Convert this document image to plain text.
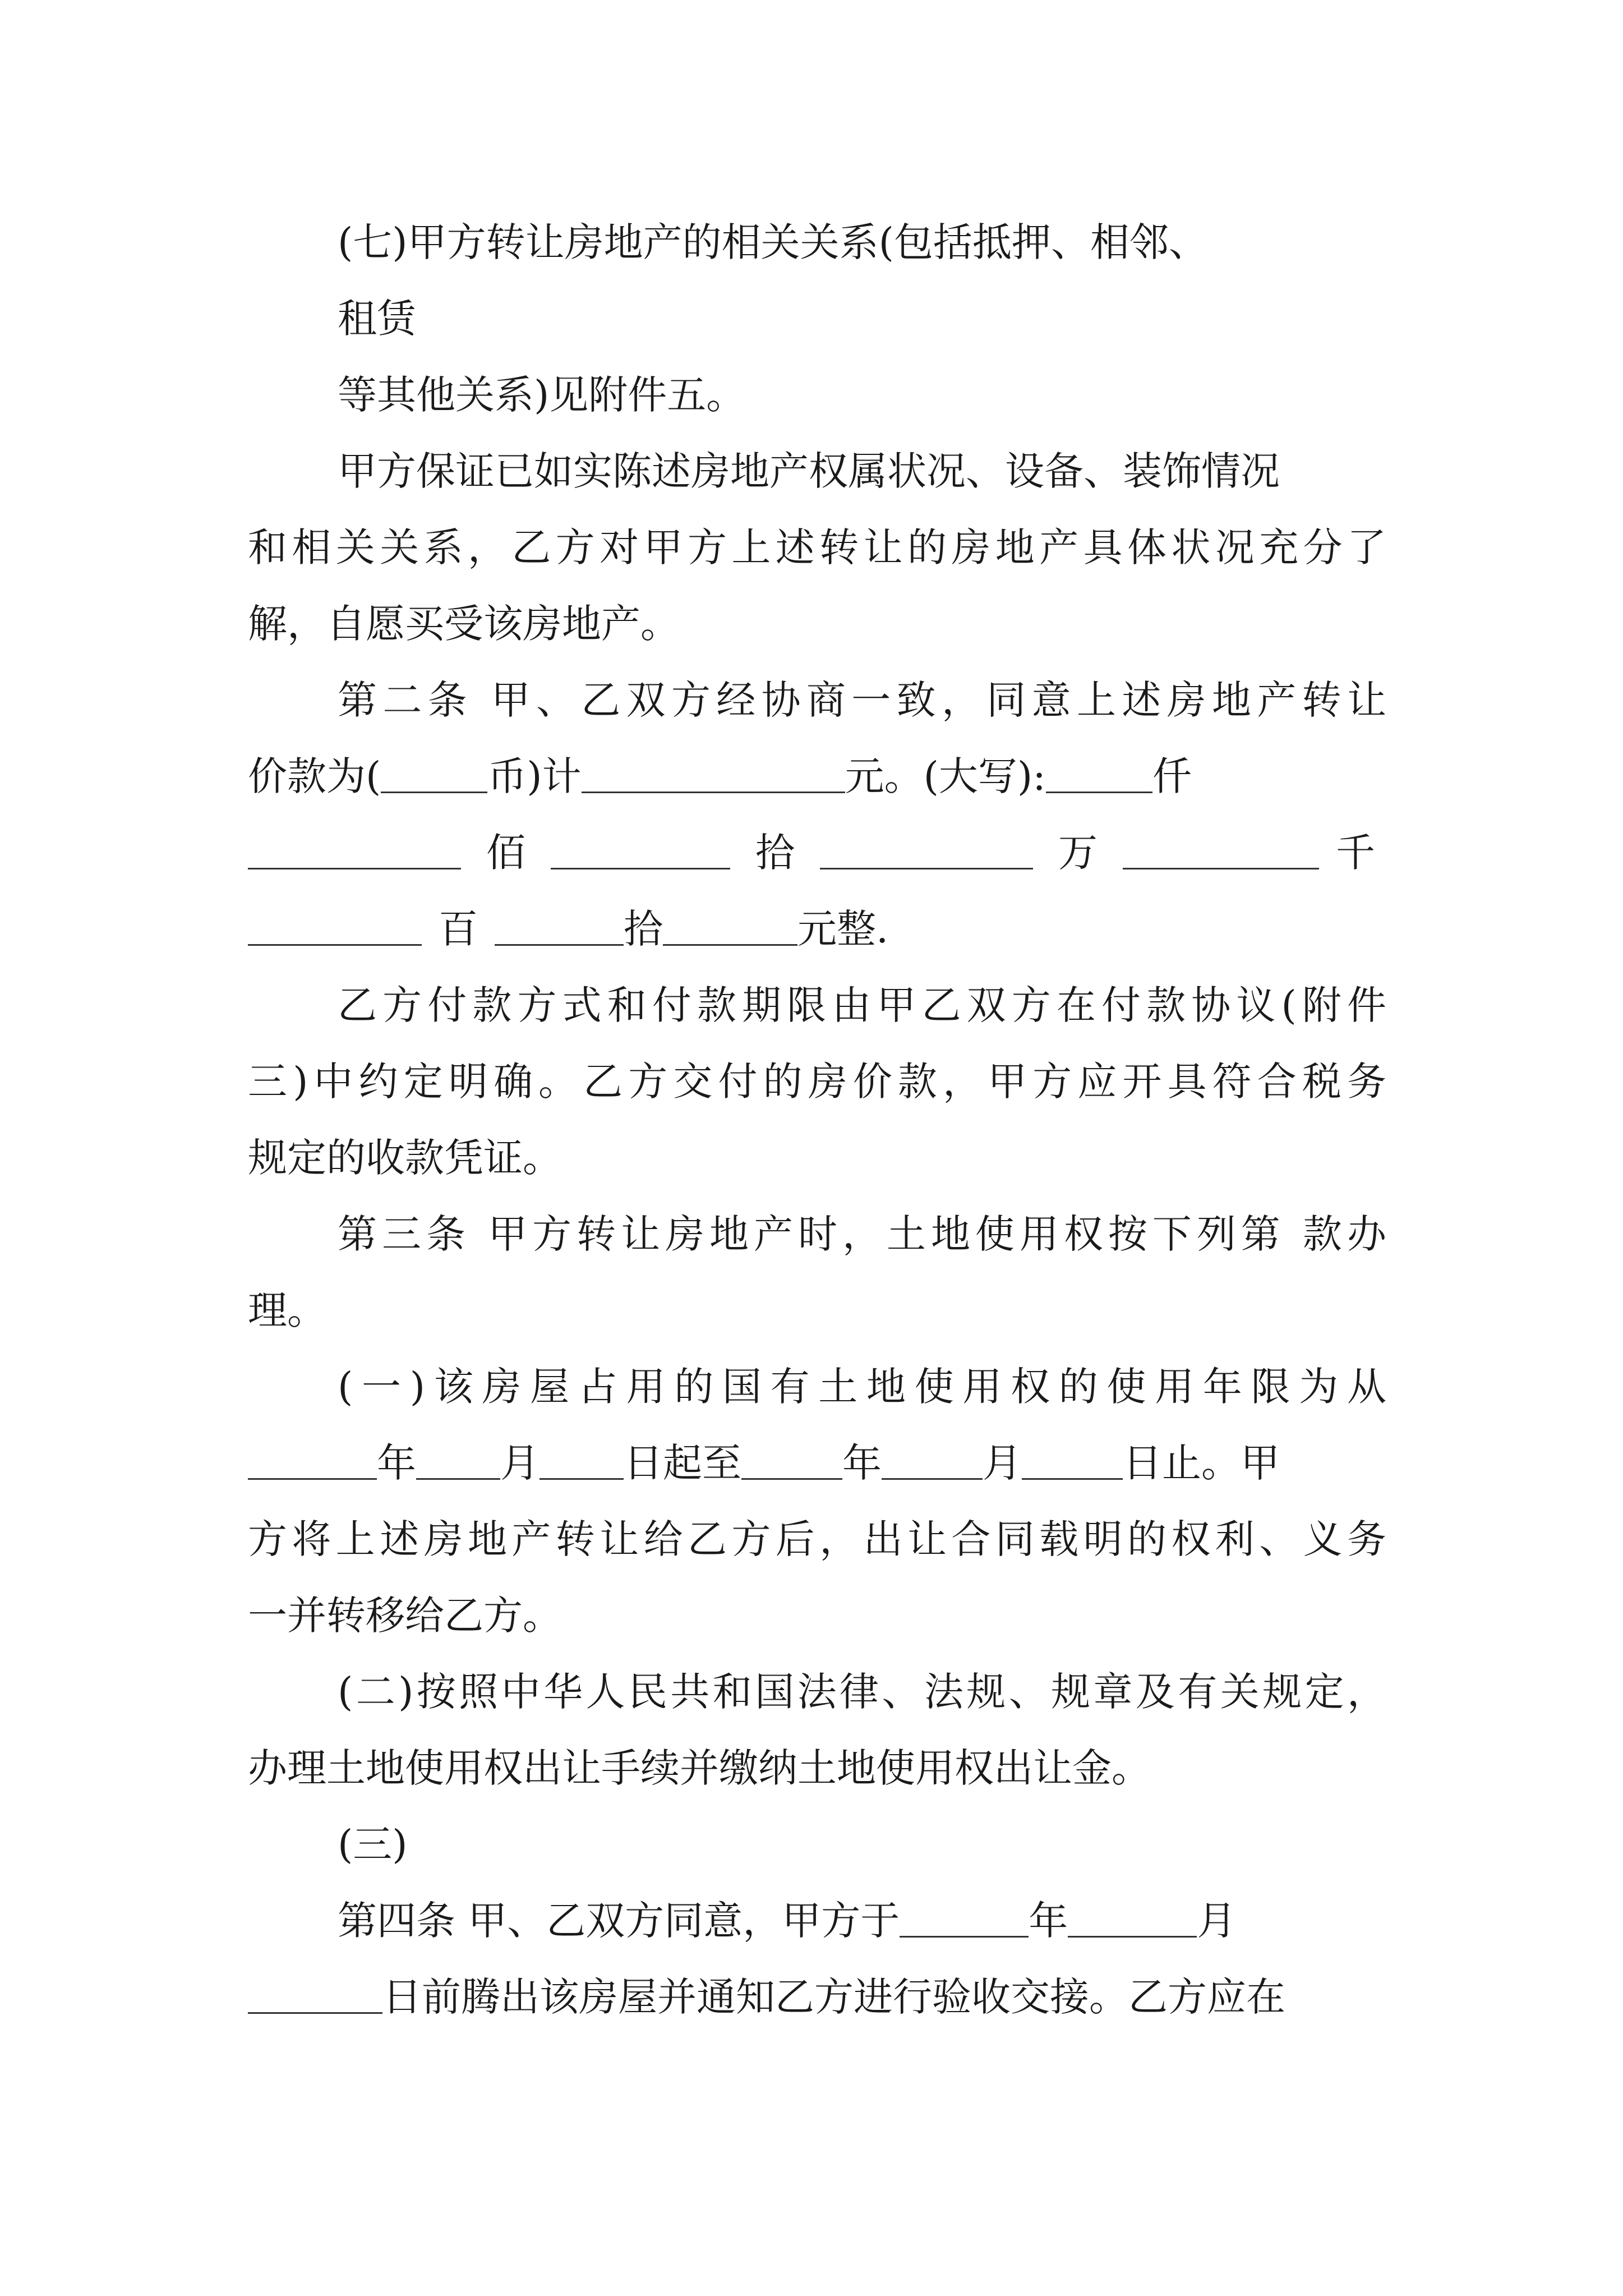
(七)甲方转让房地产的相关关系(包括抵押、相邻、
租赁
等其他关系)见附件五。
甲方保证已如实陈述房地产权属状况、设备、装饰情况
和相关关系，乙方对甲方上述转让的房地产具体状况充分了
解，自愿买受该房地产。
第二条 甲、乙双方经协商一致，同意上述房地产转让
价款为(	币)计	元。(大写):	仟
佰	拾	万	千
百	拾	元整.
乙方付款方式和付款期限由甲乙双方在付款协议(附件
三)中约定明确。乙方交付的房价款，甲方应开具符合税务
规定的收款凭证。
第三条 甲方转让房地产时，土地使用权按下列第 款办
理。
(一)该房屋占用的国有土地使用权的使用年限为从
年 月 日起至	年	月	日止。甲
方将上述房地产转让给乙方后，出让合同载明的权利、义务
一并转移给乙方。
(二)按照中华人民共和国法律、法规、规章及有关规定，
办理土地使用权出让手续并缴纳土地使用权出让金。
(三)
第四条 甲、乙双方同意，甲方于	年	月
日前腾出该房屋并通知乙方进行验收交接。乙方应在
